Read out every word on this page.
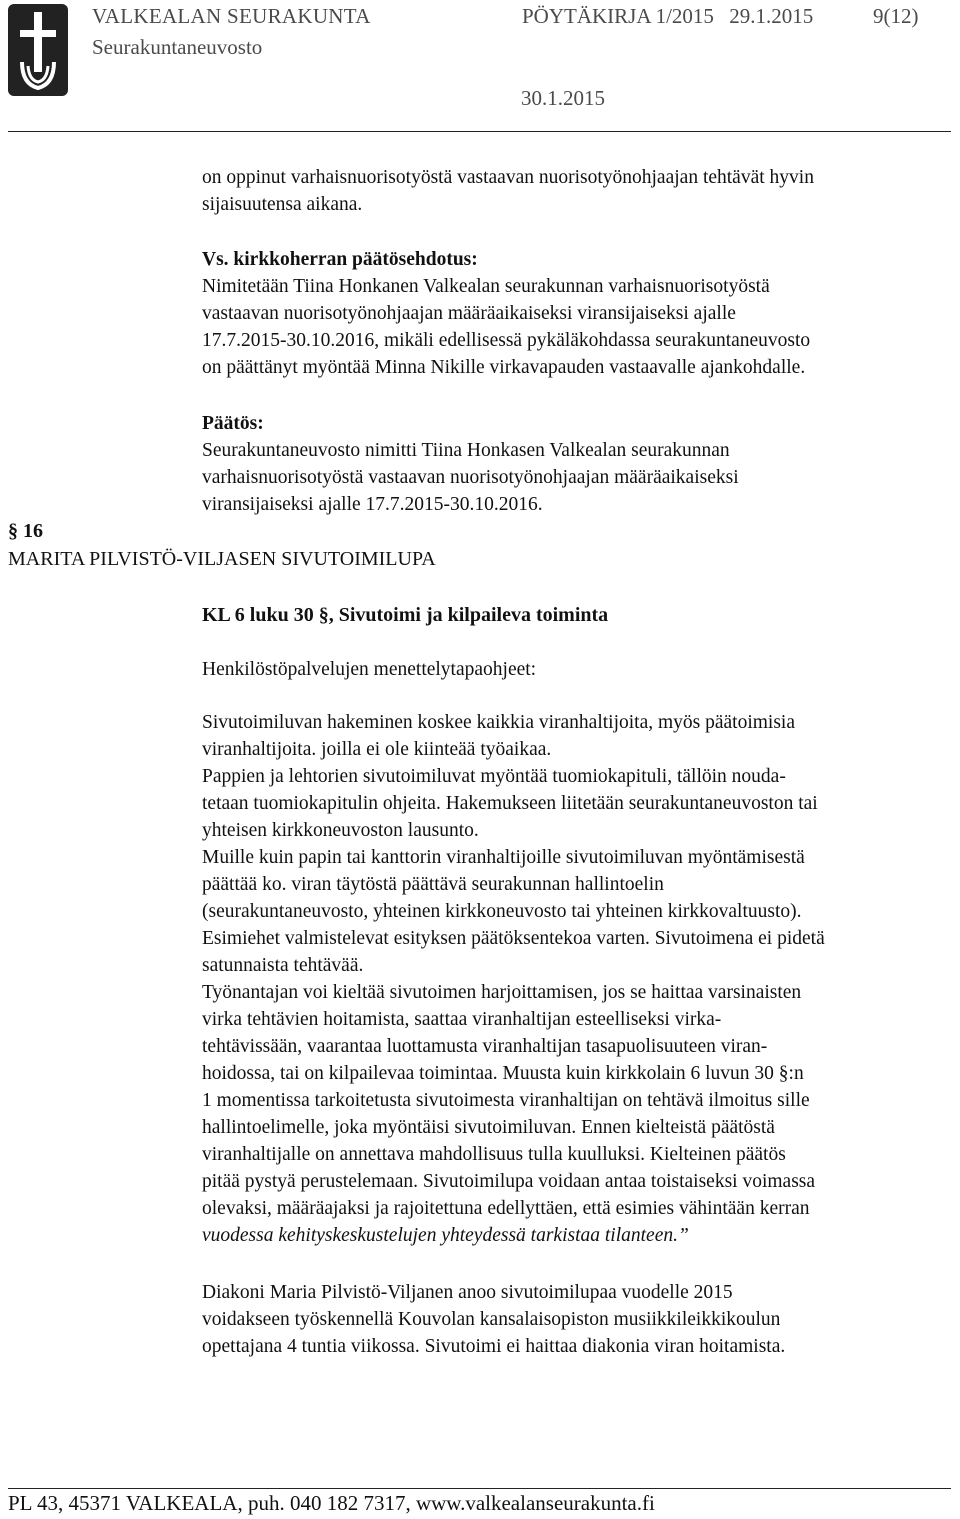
VALKEALAN SEURAKUNTA	PÖYTÄKIRJA 1/2015 29.1.2015	9(12)
Seurakuntaneuvosto
30.1.2015

on oppinut varhaisnuorisotyöstä vastaavan nuorisotyönohjaajan tehtävät hyvin

sijaisuutensa aikana.

Vs. kirkkoherran päätösehdotus:

Nimitetään Tiina Honkanen Valkealan seurakunnan varhaisnuorisotyöstä

vastaavan nuorisotyönohjaajan määräaikaiseksi viransijaiseksi ajalle

17.7.2015-30.10.2016, mikäli edellisessä pykäläkohdassa seurakuntaneuvosto

on päättänyt myöntää Minna Nikille virkavapauden vastaavalle ajankohdalle.

Päätös:

Seurakuntaneuvosto nimitti Tiina Honkasen Valkealan seurakunnan

varhaisnuorisotyöstä vastaavan nuorisotyönohjaajan määräaikaiseksi

viransijaiseksi ajalle 17.7.2015-30.10.2016.

§ 16
MARITA PILVISTÖ-VILJASEN SIVUTOIMILUPA
KL 6 luku 30 §, Sivutoimi ja kilpaileva toiminta
Henkilöstöpalvelujen menettelytapaohjeet:

Sivutoimiluvan hakeminen koskee kaikkia viranhaltijoita, myös päätoimisia

viranhaltijoita. joilla ei ole kiinteää työaikaa.

Pappien ja lehtorien sivutoimiluvat myöntää tuomiokapituli, tällöin nouda-

tetaan tuomiokapitulin ohjeita. Hakemukseen liitetään seurakuntaneuvoston tai

yhteisen kirkkoneuvoston lausunto.

Muille kuin papin tai kanttorin viranhaltijoille sivutoimiluvan myöntämisestä

päättää ko. viran täytöstä päättävä seurakunnan hallintoelin

(seurakuntaneuvosto, yhteinen kirkkoneuvosto tai yhteinen kirkkovaltuusto).

Esimiehet valmistelevat esityksen päätöksentekoa varten. Sivutoimena ei pidetä

satunnaista tehtävää.

Työnantajan voi kieltää sivutoimen harjoittamisen, jos se haittaa varsinaisten

virka tehtävien hoitamista, saattaa viranhaltijan esteelliseksi virka-

tehtävissään, vaarantaa luottamusta viranhaltijan tasapuolisuuteen viran-

hoidossa, tai on kilpailevaa toimintaa. Muusta kuin kirkkolain 6 luvun 30 §:n

1 momentissa tarkoitetusta sivutoimesta viranhaltijan on tehtävä ilmoitus sille

hallintoelimelle, joka myöntäisi sivutoimiluvan. Ennen kielteistä päätöstä

viranhaltijalle on annettava mahdollisuus tulla kuulluksi. Kielteinen päätös

pitää pystyä perustelemaan. Sivutoimilupa voidaan antaa toistaiseksi voimassa

olevaksi, määräajaksi ja rajoitettuna edellyttäen, että esimies vähintään kerran

vuodessa kehityskeskustelujen yhteydessä tarkistaa tilanteen.”

Diakoni Maria Pilvistö-Viljanen anoo sivutoimilupaa vuodelle 2015

voidakseen työskennellä Kouvolan kansalaisopiston musiikkileikkikoulun

opettajana 4 tuntia viikossa. Sivutoimi ei haittaa diakonia viran hoitamista.

PL 43, 45371 VALKEALA, puh. 040 182 7317, www.valkealanseurakunta.fi
